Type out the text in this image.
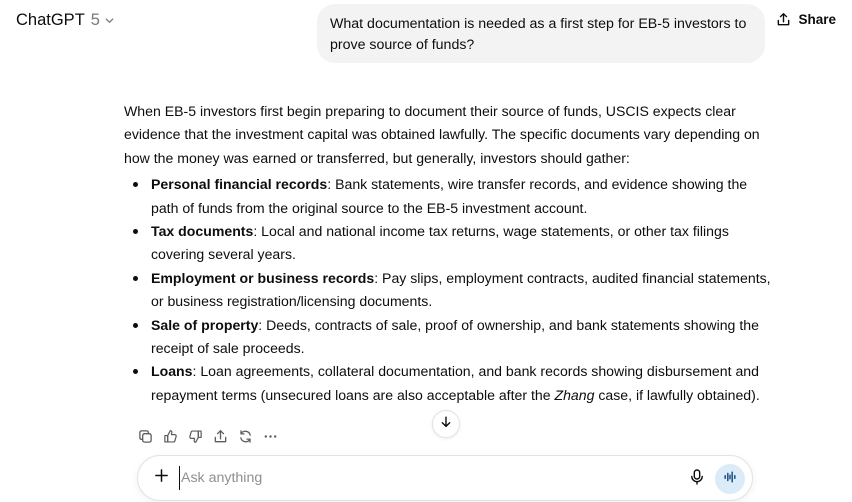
ChatGPT 5	Share
What documentation is needed as a first step for EB-5 investors to prove source of funds?

When EB-5 investors first begin preparing to document their source of funds, USCIS expects clear evidence that the investment capital was obtained lawfully. The specific documents vary depending on how the money was earned or transferred, but generally, investors should gather:

Personal financial records: Bank statements, wire transfer records, and evidence showing the path of funds from the original source to the EB-5 investment account.
Tax documents: Local and national income tax returns, wage statements, or other tax filings covering several years.
Employment or business records: Pay slips, employment contracts, audited financial statements, or business registration/licensing documents.
Sale of property: Deeds, contracts of sale, proof of ownership, and bank statements showing the receipt of sale proceeds.
Loans: Loan agreements, collateral documentation, and bank records showing disbursement and repayment terms (unsecured loans are also acceptable after the Zhang case, if lawfully obtained).
Ask anything
